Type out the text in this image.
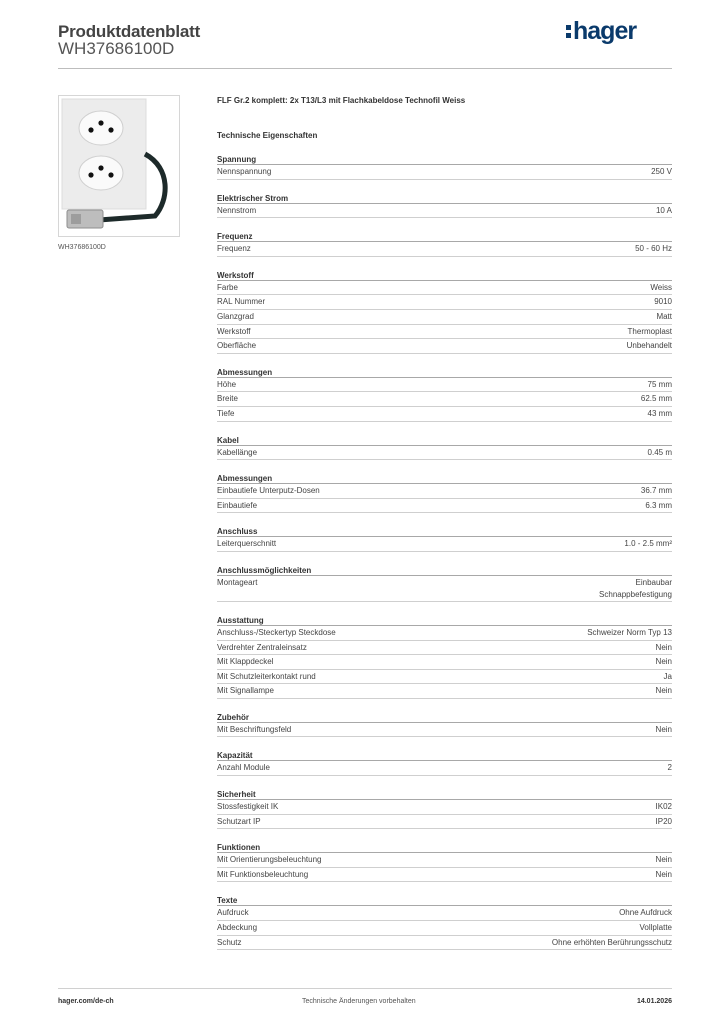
Produktdatenblatt
WH37686100D
hager
WH37686100D
FLF Gr.2 komplett: 2x T13/L3 mit Flachkabeldose Technofil Weiss
Technische Eigenschaften
Spannung
Nennspannung	250 V
Elektrischer Strom
Nennstrom	10 A
Frequenz
Frequenz	50 - 60 Hz
Werkstoff
Farbe	Weiss
RAL Nummer	9010
Glanzgrad	Matt
Werkstoff	Thermoplast
Oberfläche	Unbehandelt
Abmessungen
Höhe	75 mm
Breite	62.5 mm
Tiefe	43 mm
Kabel
Kabellänge	0.45 m
Abmessungen
Einbautiefe Unterputz-Dosen	36.7 mm
Einbautiefe	6.3 mm
Anschluss
Leiterquerschnitt	1.0 - 2.5 mm²
Anschlussmöglichkeiten
Montageart	Einbaubar
Schnappbefestigung
Ausstattung
Anschluss-/Steckertyp Steckdose	Schweizer Norm Typ 13
Verdrehter Zentraleinsatz	Nein
Mit Klappdeckel	Nein
Mit Schutzleiterkontakt rund	Ja
Mit Signallampe	Nein
Zubehör
Mit Beschriftungsfeld	Nein
Kapazität
Anzahl Module	2
Sicherheit
Stossfestigkeit IK	IK02
Schutzart IP	IP20
Funktionen
Mit Orientierungsbeleuchtung	Nein
Mit Funktionsbeleuchtung	Nein
Texte
Aufdruck	Ohne Aufdruck
Abdeckung	Vollplatte
Schutz	Ohne erhöhten Berührungsschutz
hager.com/de-ch	Technische Änderungen vorbehalten	14.01.2026
